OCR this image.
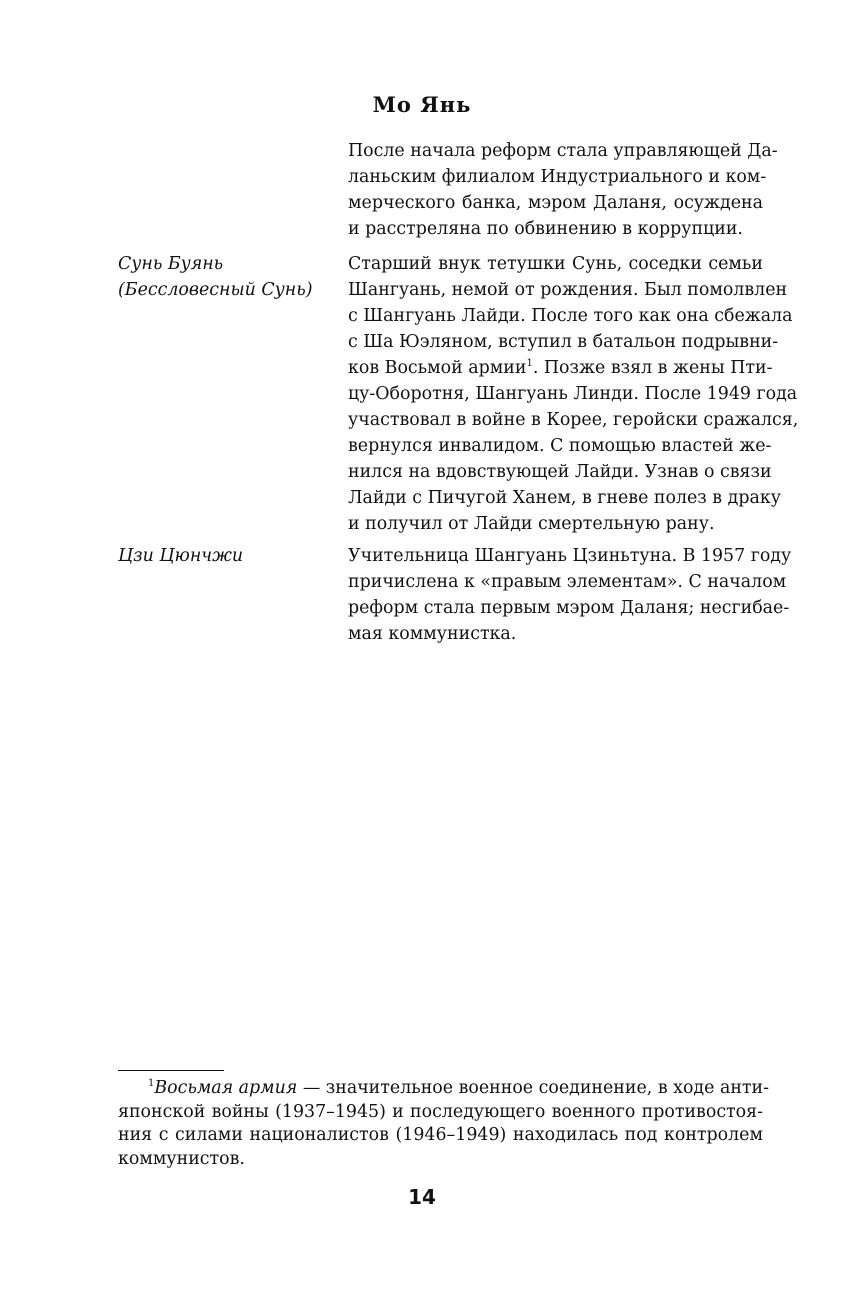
Мо Янь
После начала реформ стала управляющей Да-
ланьским филиалом Индустриального и ком-
мерческого банка, мэром Даланя, осуждена
и расстреляна по обвинению в коррупции.
Сунь Буянь
(Бессловесный Сунь)
Старший внук тетушки Сунь, соседки семьи
Шангуань, немой от рождения. Был помолвлен
с Шангуань Лайди. После того как она сбежала
с Ша Юэляном, вступил в батальон подрывни-
ков Восьмой армии$^1$. Позже взял в жены Пти-
цу-Оборотня, Шангуань Линди. После 1949 года
участвовал в войне в Корее, геройски сражался,
вернулся инвалидом. С помощью властей же-
нился на вдовствующей Лайди. Узнав о связи
Лайди с Пичугой Ханем, в гневе полез в драку
и получил от Лайди смертельную рану.
Цзи Цюнчжи	Учительница Шангуань Цзиньтуна. В 1957 году
причислена к «правым элементам». С началом
реформ стала первым мэром Даланя; несгибае-
мая коммунистка.
$^1$Восьмая армия — значительное военное соединение, в ходе анти-
японской войны (1937–1945) и последующего военного противостоя-
ния с силами националистов (1946–1949) находилась под контролем
коммунистов.
14
